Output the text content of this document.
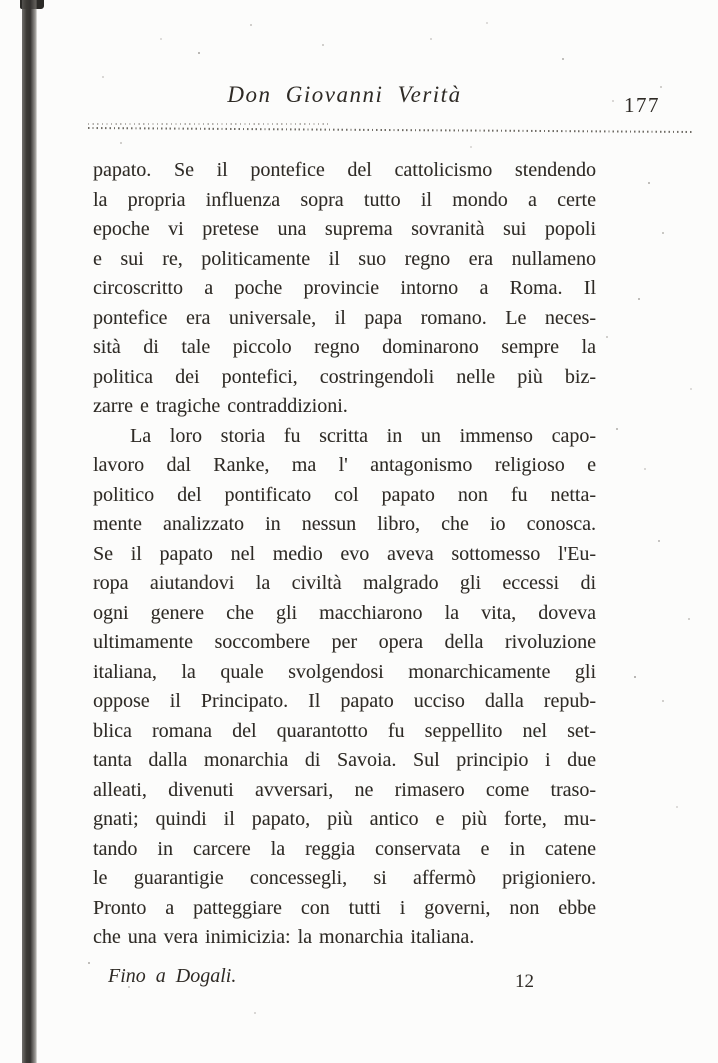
Don Giovanni Verità	177
papato. Se il pontefice del cattolicismo stendendo
la propria influenza sopra tutto il mondo a certe
epoche vi pretese una suprema sovranità sui popoli
e sui re, politicamente il suo regno era nullameno
circoscritto a poche provincie intorno a Roma. Il
pontefice era universale, il papa romano. Le neces-
sità di tale piccolo regno dominarono sempre la
politica dei pontefici, costringendoli nelle più biz-
zarre e tragiche contraddizioni.
La loro storia fu scritta in un immenso capo-
lavoro dal Ranke, ma l' antagonismo religioso e
politico del pontificato col papato non fu netta-
mente analizzato in nessun libro, che io conosca.
Se il papato nel medio evo aveva sottomesso l'Eu-
ropa aiutandovi la civiltà malgrado gli eccessi di
ogni genere che gli macchiarono la vita, doveva
ultimamente soccombere per opera della rivoluzione
italiana, la quale svolgendosi monarchicamente gli
oppose il Principato. Il papato ucciso dalla repub-
blica romana del quarantotto fu seppellito nel set-
tanta dalla monarchia di Savoia. Sul principio i due
alleati, divenuti avversari, ne rimasero come traso-
gnati; quindi il papato, più antico e più forte, mu-
tando in carcere la reggia conservata e in catene
le guarantigie concessegli, si affermò prigioniero.
Pronto a patteggiare con tutti i governi, non ebbe
che una vera inimicizia: la monarchia italiana.
Fino a Dogali.	12
